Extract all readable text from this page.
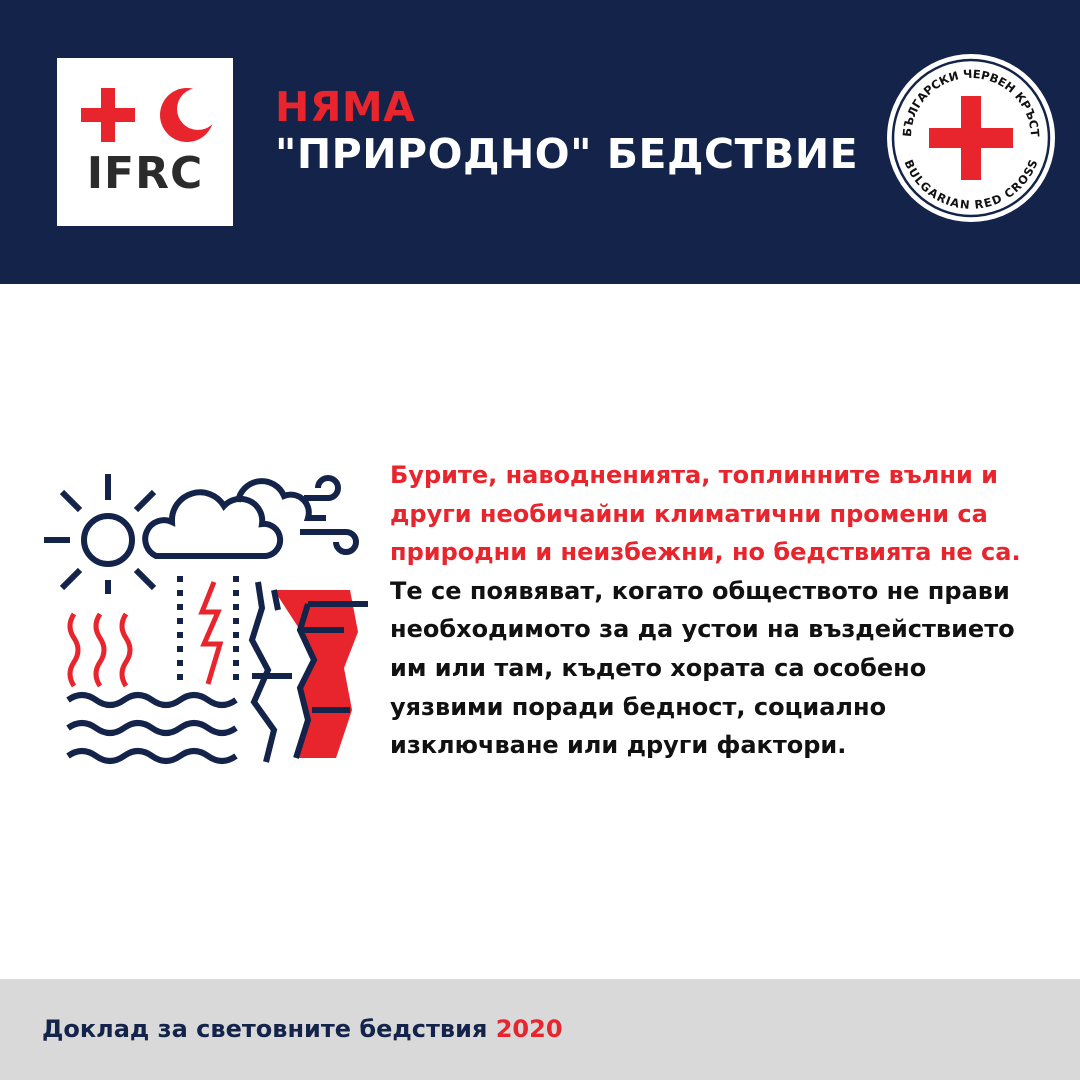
IFRC
НЯМА
"ПРИРОДНО" БЕДСТВИЕ	БЪЛГАРСКИ ЧЕРВЕН КРЪСТ
BULGARIAN RED CROSS
Бурите, наводненията, топлинните вълни и
други необичайни климатични промени са
природни и неизбежни, но бедствията не са.
Те се появяват, когато обществото не прави
необходимото за да устои на въздействието
им или там, където хората са особено
уязвими поради бедност, социално
изключване или други фактори.
Доклад за световните бедствия 2020
